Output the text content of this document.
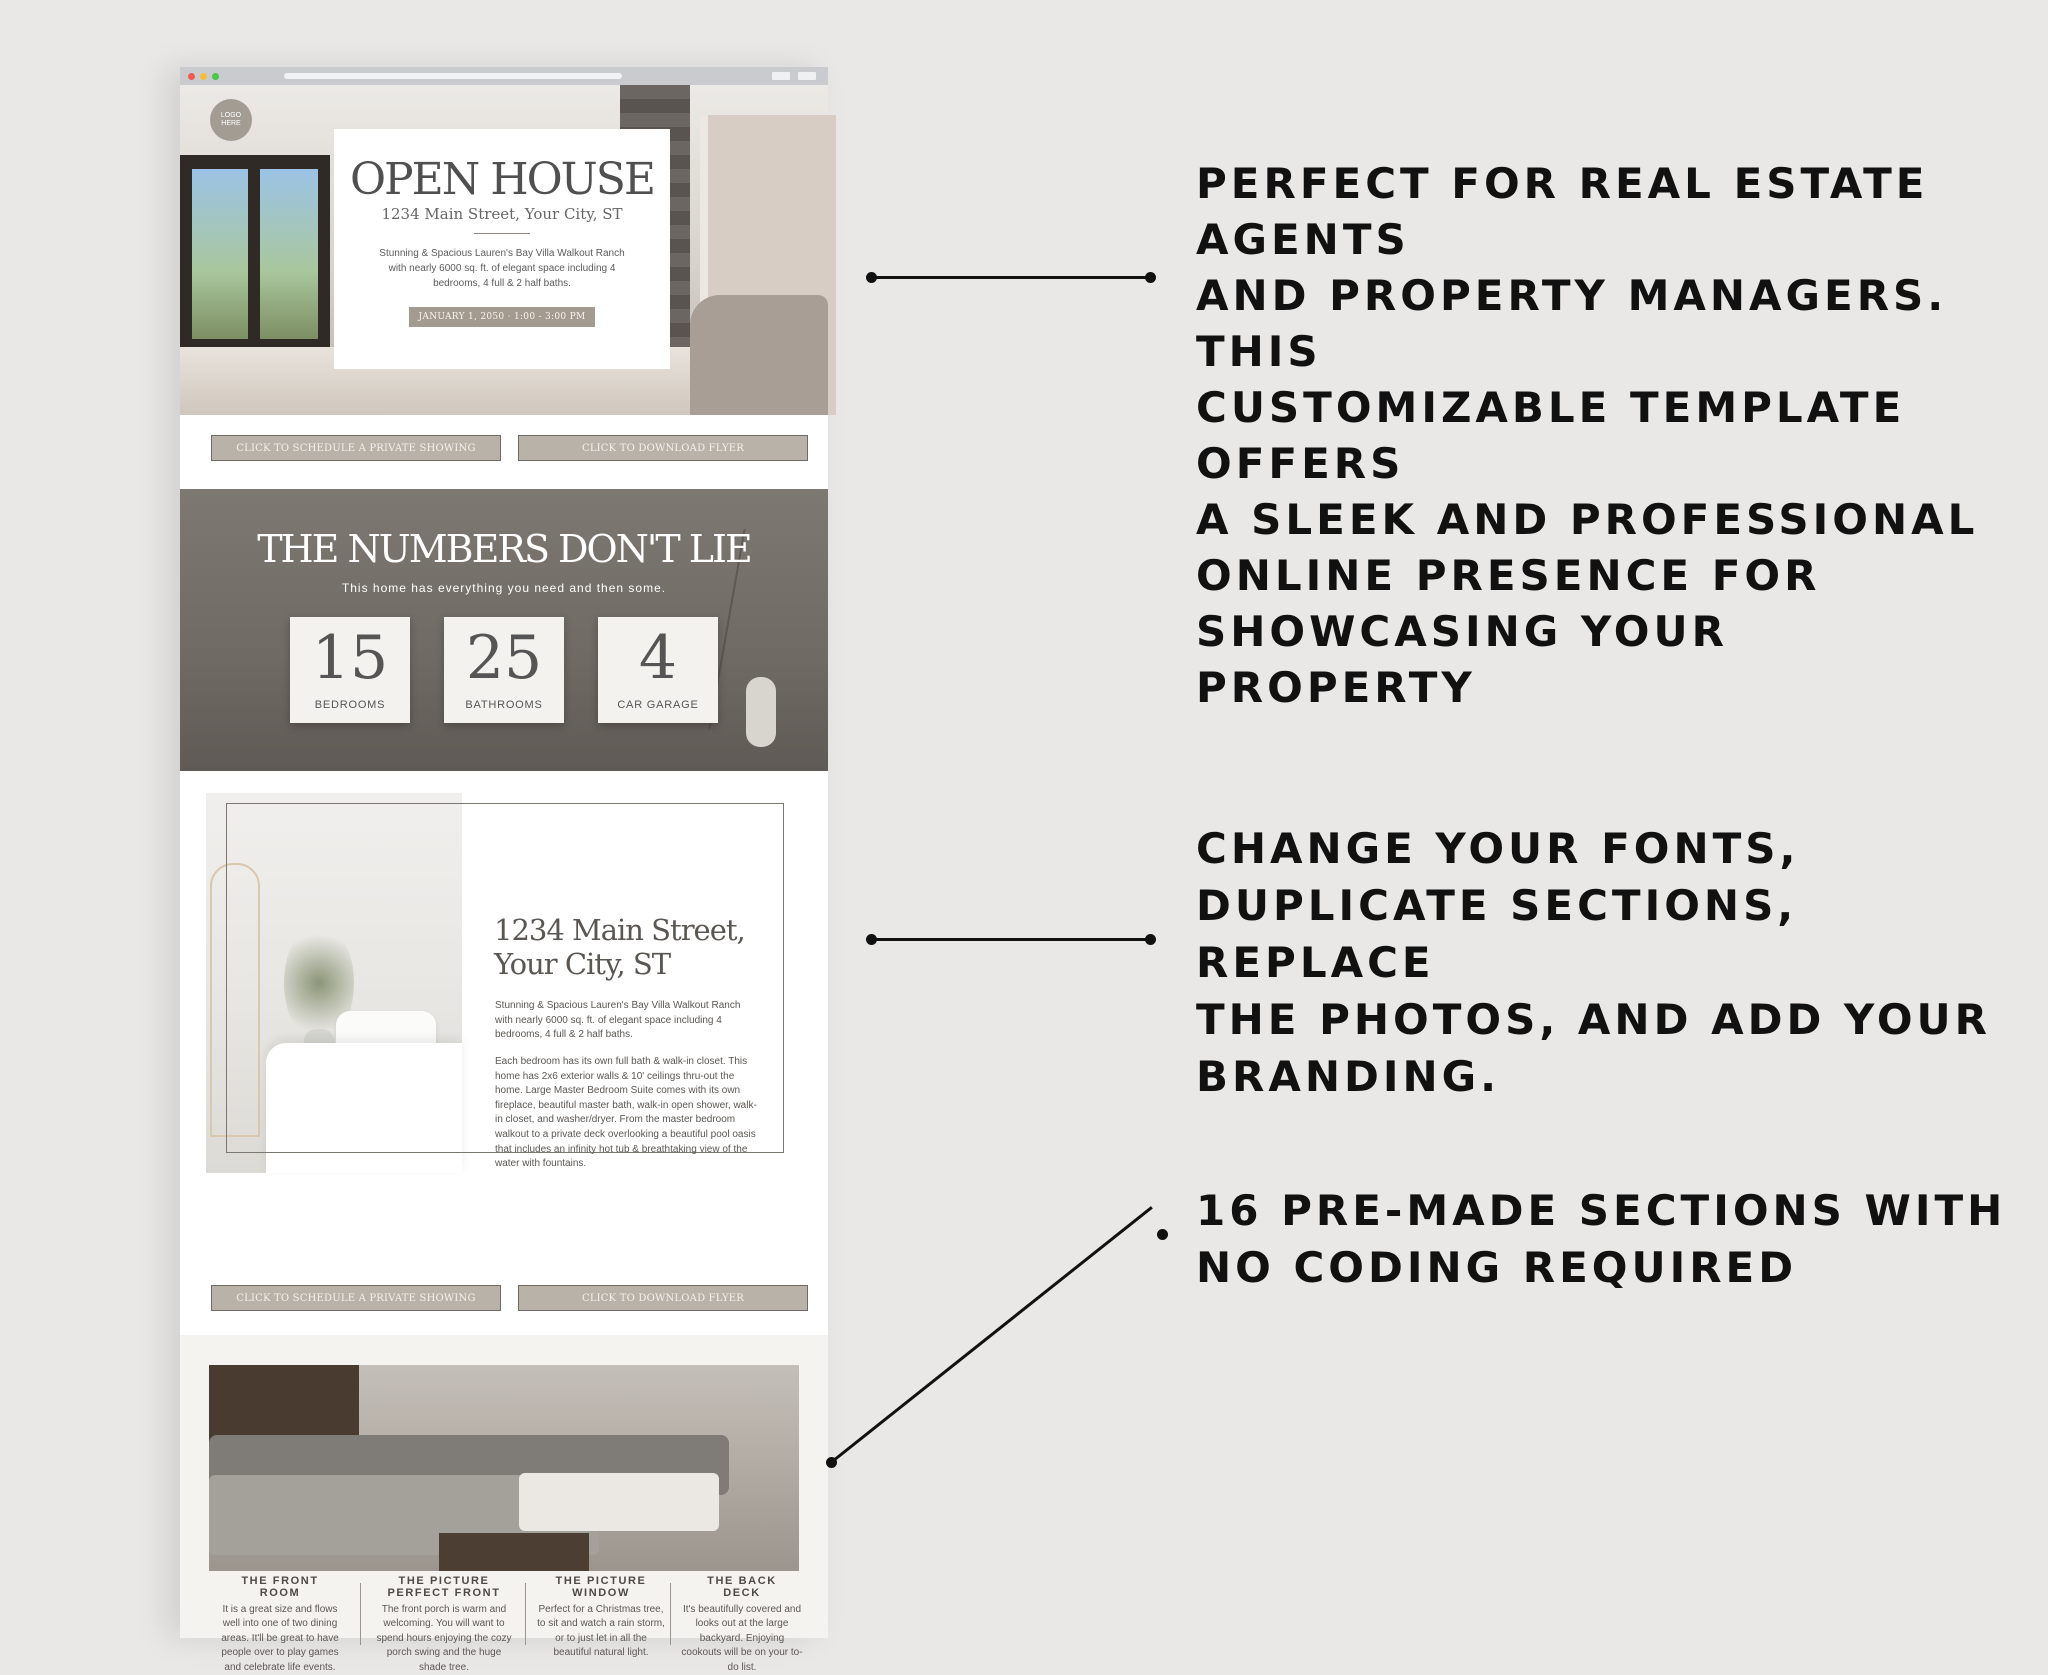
LOGO
HERE
OPEN HOUSE
1234 Main Street, Your City, ST
Stunning & Spacious Lauren's Bay Villa Walkout Ranch with nearly 6000 sq. ft. of elegant space including 4 bedrooms, 4 full & 2 half baths.
JANUARY 1, 2050 · 1:00 - 3:00 PM
CLICK TO SCHEDULE A PRIVATE SHOWING	CLICK TO DOWNLOAD FLYER
THE NUMBERS DON'T LIE
This home has everything you need and then some.
15
BEDROOMS
25
BATHROOMS
4
CAR GARAGE
1234 Main Street,
Your City, ST
Stunning & Spacious Lauren's Bay Villa Walkout Ranch with nearly 6000 sq. ft. of elegant space including 4 bedrooms, 4 full & 2 half baths.
Each bedroom has its own full bath & walk-in closet. This home has 2x6 exterior walls & 10' ceilings thru-out the home. Large Master Bedroom Suite comes with its own fireplace, beautiful master bath, walk-in open shower, walk-in closet, and washer/dryer. From the master bedroom walkout to a private deck overlooking a beautiful pool oasis that includes an infinity hot tub & breathtaking view of the water with fountains.
CLICK TO SCHEDULE A PRIVATE SHOWING	CLICK TO DOWNLOAD FLYER
THE FRONT
ROOM
It is a great size and flows well into one of two dining areas. It'll be great to have people over to play games and celebrate life events.
THE PICTURE
PERFECT FRONT
The front porch is warm and welcoming. You will want to spend hours enjoying the cozy porch swing and the huge shade tree.
THE PICTURE
WINDOW
Perfect for a Christmas tree, to sit and watch a rain storm, or to just let in all the beautiful natural light.
THE BACK
DECK
It's beautifully covered and looks out at the large backyard. Enjoying cookouts will be on your to-do list.
PERFECT FOR REAL ESTATE AGENTS
AND PROPERTY MANAGERS. THIS
CUSTOMIZABLE TEMPLATE OFFERS
A SLEEK AND PROFESSIONAL
ONLINE PRESENCE FOR
SHOWCASING YOUR PROPERTY
CHANGE YOUR FONTS,
DUPLICATE SECTIONS, REPLACE
THE PHOTOS, AND ADD YOUR
BRANDING.
16 PRE-MADE SECTIONS WITH
NO CODING REQUIRED
